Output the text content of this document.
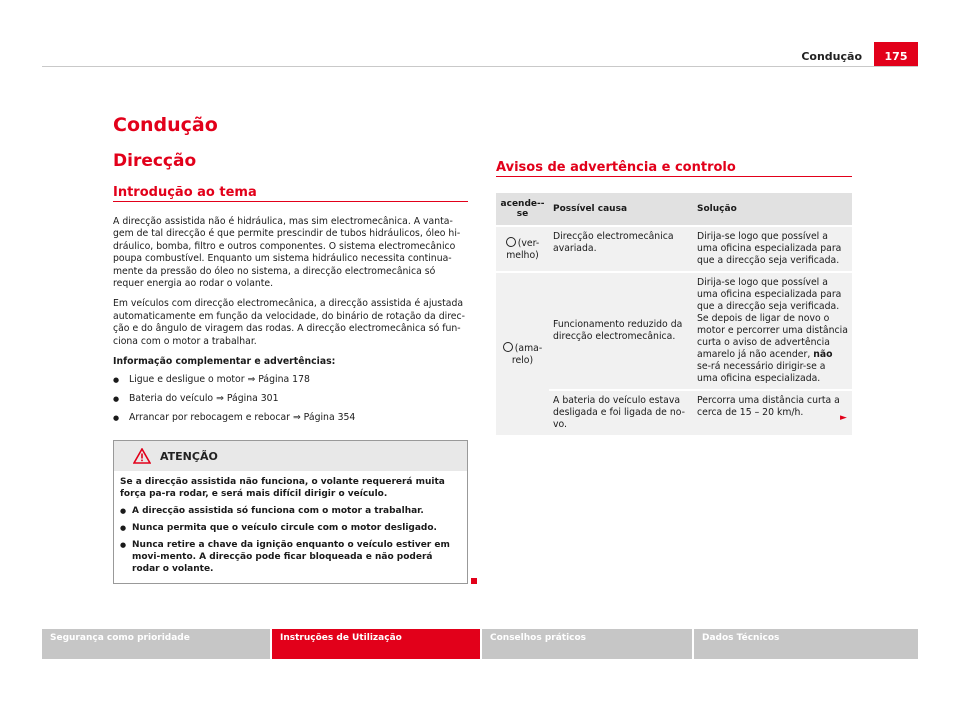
Condução	175
Condução
Direcção
Introdução ao tema

A direcção assistida não é hidráulica, mas sim electromecânica. A vanta-gem de tal direcção é que permite prescindir de tubos hidráulicos, óleo hi-dráulico, bomba, filtro e outros componentes. O sistema electromecânico poupa combustível. Enquanto um sistema hidráulico necessita continua-mente da pressão do óleo no sistema, a direcção electromecânica só requer energia ao rodar o volante.

Em veículos com direcção electromecânica, a direcção assistida é ajustada automaticamente em função da velocidade, do binário de rotação da direc-ção e do ângulo de viragem das rodas. A direcção electromecânica só fun-ciona com o motor a trabalhar.

Informação complementar e advertências:
● Ligue e desligue o motor ⇒ Página 178
● Bateria do veículo ⇒ Página 301
● Arrancar por rebocagem e rebocar ⇒ Página 354
ATENÇÃO
Se a direcção assistida não funciona, o volante requererá muita força pa-ra rodar, e será mais difícil dirigir o veículo.
● A direcção assistida só funciona com o motor a trabalhar.
● Nunca permita que o veículo circule com o motor desligado.
● Nunca retire a chave da ignição enquanto o veículo estiver em movi-mento. A direcção pode ficar bloqueada e não poderá rodar o volante.
Avisos de advertência e controlo
acende--se	Possível causa	Solução
(ver-melho)	Direcção electromecânica avariada.	Dirija-se logo que possível a uma oficina especializada para que a direcção seja verificada.
(ama-relo)	Funcionamento reduzido da direcção electromecânica.	Dirija-se logo que possível a uma oficina especializada para que a direcção seja verificada. Se depois de ligar de novo o motor e percorrer uma distância curta o aviso de advertência amarelo já não acender, não se-rá necessário dirigir-se a uma oficina especializada.
	A bateria do veículo estava desligada e foi ligada de no-vo.	Percorra uma distância curta a cerca de 15 – 20 km/h.	►
Segurança como prioridade	Instruções de Utilização	Conselhos práticos	Dados Técnicos
